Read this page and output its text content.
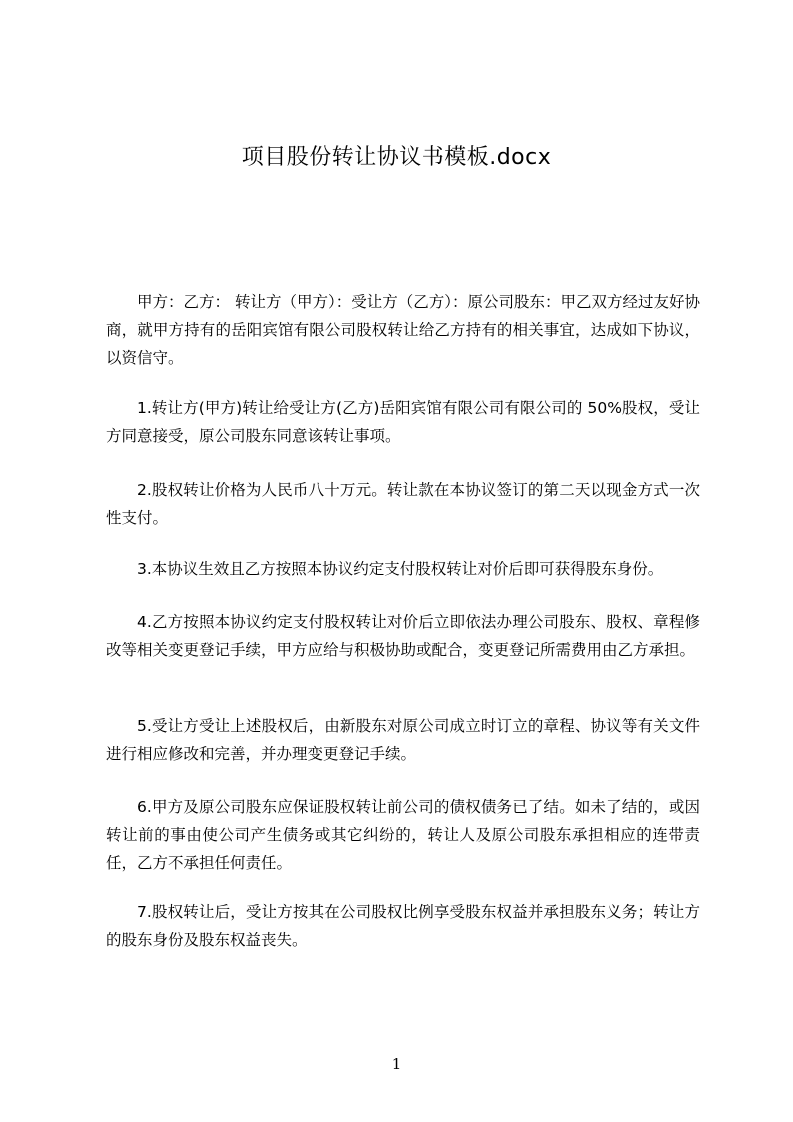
项目股份转让协议书模板.docx

甲方：乙方： 转让方（甲方）：受让方（乙方）：原公司股东：甲乙双方经过友好协商，就甲方持有的岳阳宾馆有限公司股权转让给乙方持有的相关事宜，达成如下协议，以资信守。

1.转让方(甲方)转让给受让方(乙方)岳阳宾馆有限公司有限公司的 50%股权，受让方同意接受，原公司股东同意该转让事项。

2.股权转让价格为人民币八十万元。转让款在本协议签订的第二天以现金方式一次性支付。

3.本协议生效且乙方按照本协议约定支付股权转让对价后即可获得股东身份。

4.乙方按照本协议约定支付股权转让对价后立即依法办理公司股东、股权、章程修改等相关变更登记手续，甲方应给与积极协助或配合，变更登记所需费用由乙方承担。

5.受让方受让上述股权后，由新股东对原公司成立时订立的章程、协议等有关文件进行相应修改和完善，并办理变更登记手续。

6.甲方及原公司股东应保证股权转让前公司的债权债务已了结。如未了结的，或因转让前的事由使公司产生债务或其它纠纷的，转让人及原公司股东承担相应的连带责任，乙方不承担任何责任。

7.股权转让后，受让方按其在公司股权比例享受股东权益并承担股东义务；转让方的股东身份及股东权益丧失。

1
